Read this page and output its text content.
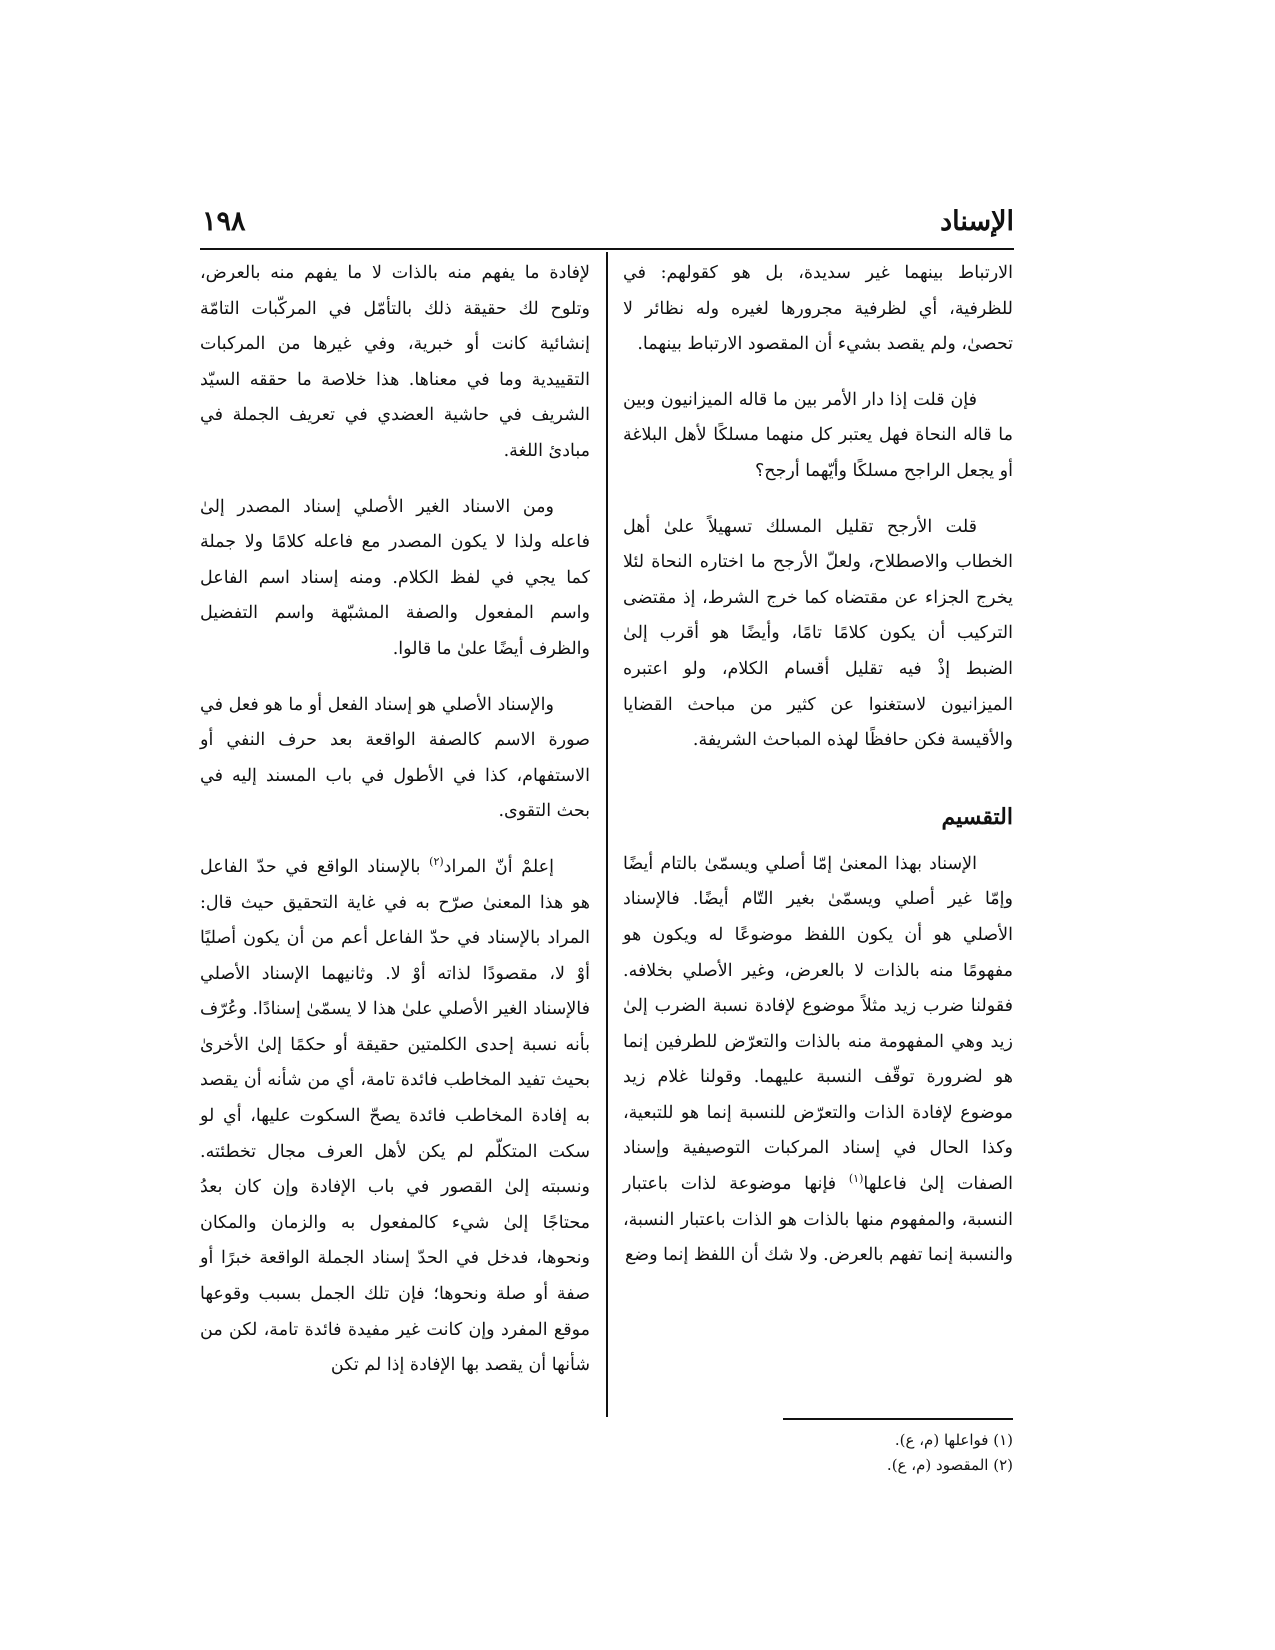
الإسناد
١٩٨

الارتباط بينهما غير سديدة، بل هو كقولهم: في للظرفية، أي لظرفية مجرورها لغيره وله نظائر لا تحصىٰ، ولم يقصد بشيء أن المقصود الارتباط بينهما.

فإن قلت إذا دار الأمر بين ما قاله الميزانيون وبين ما قاله النحاة فهل يعتبر كل منهما مسلكًا لأهل البلاغة أو يجعل الراجح مسلكًا وأيّهما أرجح؟

قلت الأرجح تقليل المسلك تسهيلاً علىٰ أهل الخطاب والاصطلاح، ولعلّ الأرجح ما اختاره النحاة لئلا يخرج الجزاء عن مقتضاه كما خرج الشرط، إذ مقتضى التركيب أن يكون كلامًا تامًا، وأيضًا هو أقرب إلىٰ الضبط إذْ فيه تقليل أقسام الكلام، ولو اعتبره الميزانيون لاستغنوا عن كثير من مباحث القضايا والأقيسة فكن حافظًا لهذه المباحث الشريفة.

التقسيم

الإسناد بهذا المعنىٰ إمّا أصلي ويسمّىٰ بالتام أيضًا وإمّا غير أصلي ويسمّىٰ بغير التّام أيضًا. فالإسناد الأصلي هو أن يكون اللفظ موضوعًا له ويكون هو مفهومًا منه بالذات لا بالعرض، وغير الأصلي بخلافه. فقولنا ضرب زيد مثلاً موضوع لإفادة نسبة الضرب إلىٰ زيد وهي المفهومة منه بالذات والتعرّض للطرفين إنما هو لضرورة توقّف النسبة عليهما. وقولنا غلام زيد موضوع لإفادة الذات والتعرّض للنسبة إنما هو للتبعية، وكذا الحال في إسناد المركبات التوصيفية وإسناد الصفات إلىٰ فاعلها$^{(١)}$ فإنها موضوعة لذات باعتبار النسبة، والمفهوم منها بالذات هو الذات باعتبار النسبة، والنسبة إنما تفهم بالعرض. ولا شك أن اللفظ إنما وضع

لإفادة ما يفهم منه بالذات لا ما يفهم منه بالعرض، وتلوح لك حقيقة ذلك بالتأمّل في المركّبات التامّة إنشائية كانت أو خبرية، وفي غيرها من المركبات التقييدية وما في معناها. هذا خلاصة ما حققه السيّد الشريف في حاشية العضدي في تعريف الجملة في مبادئ اللغة.

ومن الاسناد الغير الأصلي إسناد المصدر إلىٰ فاعله ولذا لا يكون المصدر مع فاعله كلامًا ولا جملة كما يجي في لفظ الكلام. ومنه إسناد اسم الفاعل واسم المفعول والصفة المشبّهة واسم التفضيل والظرف أيضًا علىٰ ما قالوا.

والإسناد الأصلي هو إسناد الفعل أو ما هو فعل في صورة الاسم كالصفة الواقعة بعد حرف النفي أو الاستفهام، كذا في الأطول في باب المسند إليه في بحث التقوى.

إعلمْ أنّ المراد$^{(٢)}$ بالإسناد الواقع في حدّ الفاعل هو هذا المعنىٰ صرّح به في غاية التحقيق حيث قال: المراد بالإسناد في حدّ الفاعل أعم من أن يكون أصليًا أوْ لا، مقصودًا لذاته أوْ لا. وثانيهما الإسناد الأصلي فالإسناد الغير الأصلي علىٰ هذا لا يسمّىٰ إسنادًا. وعُرّف بأنه نسبة إحدى الكلمتين حقيقة أو حكمًا إلىٰ الأخرىٰ بحيث تفيد المخاطب فائدة تامة، أي من شأنه أن يقصد به إفادة المخاطب فائدة يصحّ السكوت عليها، أي لو سكت المتكلّم لم يكن لأهل العرف مجال تخطئته. ونسبته إلىٰ القصور في باب الإفادة وإن كان بعدُ محتاجًا إلىٰ شيء كالمفعول به والزمان والمكان ونحوها، فدخل في الحدّ إسناد الجملة الواقعة خبرًا أو صفة أو صلة ونحوها؛ فإن تلك الجمل بسبب وقوعها موقع المفرد وإن كانت غير مفيدة فائدة تامة، لكن من شأنها أن يقصد بها الإفادة إذا لم تكن

(١) فواعلها (م، ع).
(٢) المقصود (م، ع).
